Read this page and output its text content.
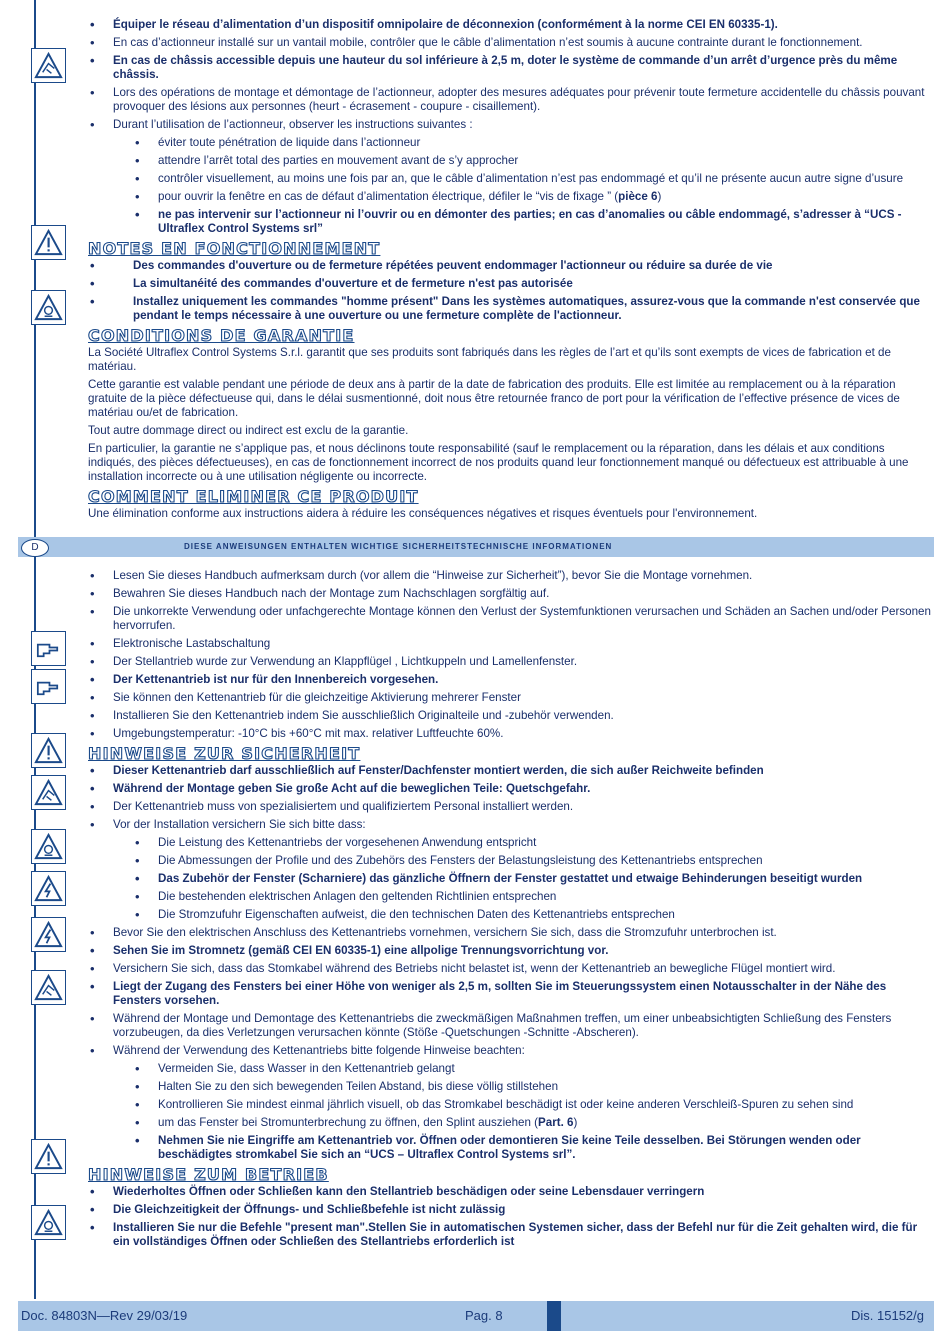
• Équiper le réseau d’alimentation d’un dispositif omnipolaire de déconnexion (conformément à la norme CEI EN 60335-1).
• En cas d’actionneur installé sur un vantail mobile, contrôler que le câble d’alimentation n’est soumis à aucune contrainte durant le fonctionnement.
• En cas de châssis accessible depuis une hauteur du sol inférieure à 2,5 m, doter le système de commande d’un arrêt d’urgence près du même châssis.
• Lors des opérations de montage et démontage de l’actionneur, adopter des mesures adéquates pour prévenir toute fermeture accidentelle du châssis pouvant provoquer des lésions aux personnes (heurt - écrasement - coupure - cisaillement).
• Durant l’utilisation de l’actionneur, observer les instructions suivantes :
• éviter toute pénétration de liquide dans l’actionneur
• attendre l’arrêt total des parties en mouvement avant de s’y approcher
• contrôler visuellement, au moins une fois par an, que le câble d’alimentation n’est pas endommagé et qu’il ne présente aucun autre signe d’usure
• pour ouvrir la fenêtre en cas de défaut d’alimentation électrique, défiler le “vis de fixage ” (pièce 6)
• ne pas intervenir sur l’actionneur ni l’ouvrir ou en démonter des parties; en cas d’anomalies ou câble endommagé, s’adresser à “UCS - Ultraflex Control Systems srl”
NOTES EN FONCTIONNEMENT
• Des commandes d'ouverture ou de fermeture répétées peuvent endommager l'actionneur ou réduire sa durée de vie
• La simultanéité des commandes d'ouverture et de fermeture n'est pas autorisée
• Installez uniquement les commandes "homme présent" Dans les systèmes automatiques, assurez-vous que la commande n'est conservée que pendant le temps nécessaire à une ouverture ou une fermeture complète de l'actionneur.
CONDITIONS DE GARANTIE

La Société Ultraflex Control Systems S.r.l. garantit que ses produits sont fabriqués dans les règles de l’art et qu’ils sont exempts de vices de fabrication et de matériau.

Cette garantie est valable pendant une période de deux ans à partir de la date de fabrication des produits. Elle est limitée au remplacement ou à la réparation gratuite de la pièce défectueuse qui, dans le délai susmentionné, doit nous être retournée franco de port pour la vérification de l’effective présence de vices de matériau ou/et de fabrication.

Tout autre dommage direct ou indirect est exclu de la garantie.

En particulier, la garantie ne s’applique pas, et nous déclinons toute responsabilité (sauf le remplacement ou la réparation, dans les délais et aux conditions indiqués, des pièces défectueuses), en cas de fonctionnement incorrect de nos produits quand leur fonctionnement manqué ou défectueux est attribuable à une installation incorrecte ou à une utilisation négligente ou incorrecte.

COMMENT ELIMINER CE PRODUIT

Une élimination conforme aux instructions aidera à réduire les conséquences négatives et risques éventuels pour l'environnement.

D	DIESE ANWEISUNGEN ENTHALTEN WICHTIGE SICHERHEITSTECHNISCHE INFORMATIONEN
• Lesen Sie dieses Handbuch aufmerksam durch (vor allem die “Hinweise zur Sicherheit”), bevor Sie die Montage vornehmen.
• Bewahren Sie dieses Handbuch nach der Montage zum Nachschlagen sorgfältig auf.
• Die unkorrekte Verwendung oder unfachgerechte Montage können den Verlust der Systemfunktionen verursachen und Schäden an Sachen und/oder Personen hervorrufen.
• Elektronische Lastabschaltung
• Der Stellantrieb wurde zur Verwendung an Klappflügel , Lichtkuppeln und Lamellenfenster.
• Der Kettenantrieb ist nur für den Innenbereich vorgesehen.
• Sie können den Kettenantrieb für die gleichzeitige Aktivierung mehrerer Fenster
• Installieren Sie den Kettenantrieb indem Sie ausschließlich Originalteile und -zubehör verwenden.
• Umgebungstemperatur: -10°C bis +60°C mit max. relativer Luftfeuchte 60%.
HINWEISE ZUR SICHERHEIT
• Dieser Kettenantrieb darf ausschließlich auf Fenster/Dachfenster montiert werden, die sich außer Reichweite befinden
• Während der Montage geben Sie große Acht auf die beweglichen Teile: Quetschgefahr.
• Der Kettenantrieb muss von spezialisiertem und qualifiziertem Personal installiert werden.
• Vor der Installation versichern Sie sich bitte dass:
• Die Leistung des Kettenantriebs der vorgesehenen Anwendung entspricht
• Die Abmessungen der Profile und des Zubehörs des Fensters der Belastungsleistung des Kettenantriebs entsprechen
• Das Zubehör der Fenster (Scharniere) das gänzliche Öffnern der Fenster gestattet und etwaige Behinderungen beseitigt wurden
• Die bestehenden elektrischen Anlagen den geltenden Richtlinien entsprechen
• Die Stromzufuhr Eigenschaften aufweist, die den technischen Daten des Kettenantriebs entsprechen
• Bevor Sie den elektrischen Anschluss des Kettenantriebs vornehmen, versichern Sie sich, dass die Stromzufuhr unterbrochen ist.
• Sehen Sie im Stromnetz (gemäß CEI EN 60335-1) eine allpolige Trennungsvorrichtung vor.
• Versichern Sie sich, dass das Stomkabel während des Betriebs nicht belastet ist, wenn der Kettenantrieb an bewegliche Flügel montiert wird.
• Liegt der Zugang des Fensters bei einer Höhe von weniger als 2,5 m, sollten Sie im Steuerungssystem einen Notausschalter in der Nähe des Fensters vorsehen.
• Während der Montage und Demontage des Kettenantriebs die zweckmäßigen Maßnahmen treffen, um einer unbeabsichtigten Schließung des Fensters vorzubeugen, da dies Verletzungen verursachen könnte (Stöße -Quetschungen -Schnitte -Abscheren).
• Während der Verwendung des Kettenantriebs bitte folgende Hinweise beachten:
• Vermeiden Sie, dass Wasser in den Kettenantrieb gelangt
• Halten Sie zu den sich bewegenden Teilen Abstand, bis diese völlig stillstehen
• Kontrollieren Sie mindest einmal jährlich visuell, ob das Stromkabel beschädigt ist oder keine anderen Verschleiß-Spuren zu sehen sind
• um das Fenster bei Stromunterbrechung zu öffnen, den Splint ausziehen (Part. 6)
• Nehmen Sie nie Eingriffe am Kettenantrieb vor. Öffnen oder demontieren Sie keine Teile desselben. Bei Störungen wenden oder beschädigtes stromkabel Sie sich an “UCS – Ultraflex Control Systems srl”.
HINWEISE ZUM BETRIEB
• Wiederholtes Öffnen oder Schließen kann den Stellantrieb beschädigen oder seine Lebensdauer verringern
• Die Gleichzeitigkeit der Öffnungs- und Schließbefehle ist nicht zulässig
• Installieren Sie nur die Befehle "present man".Stellen Sie in automatischen Systemen sicher, dass der Befehl nur für die Zeit gehalten wird, die für ein vollständiges Öffnen oder Schließen des Stellantriebs erforderlich ist
Doc. 84803N—Rev 29/03/19	Pag. 8	Dis. 15152/g
